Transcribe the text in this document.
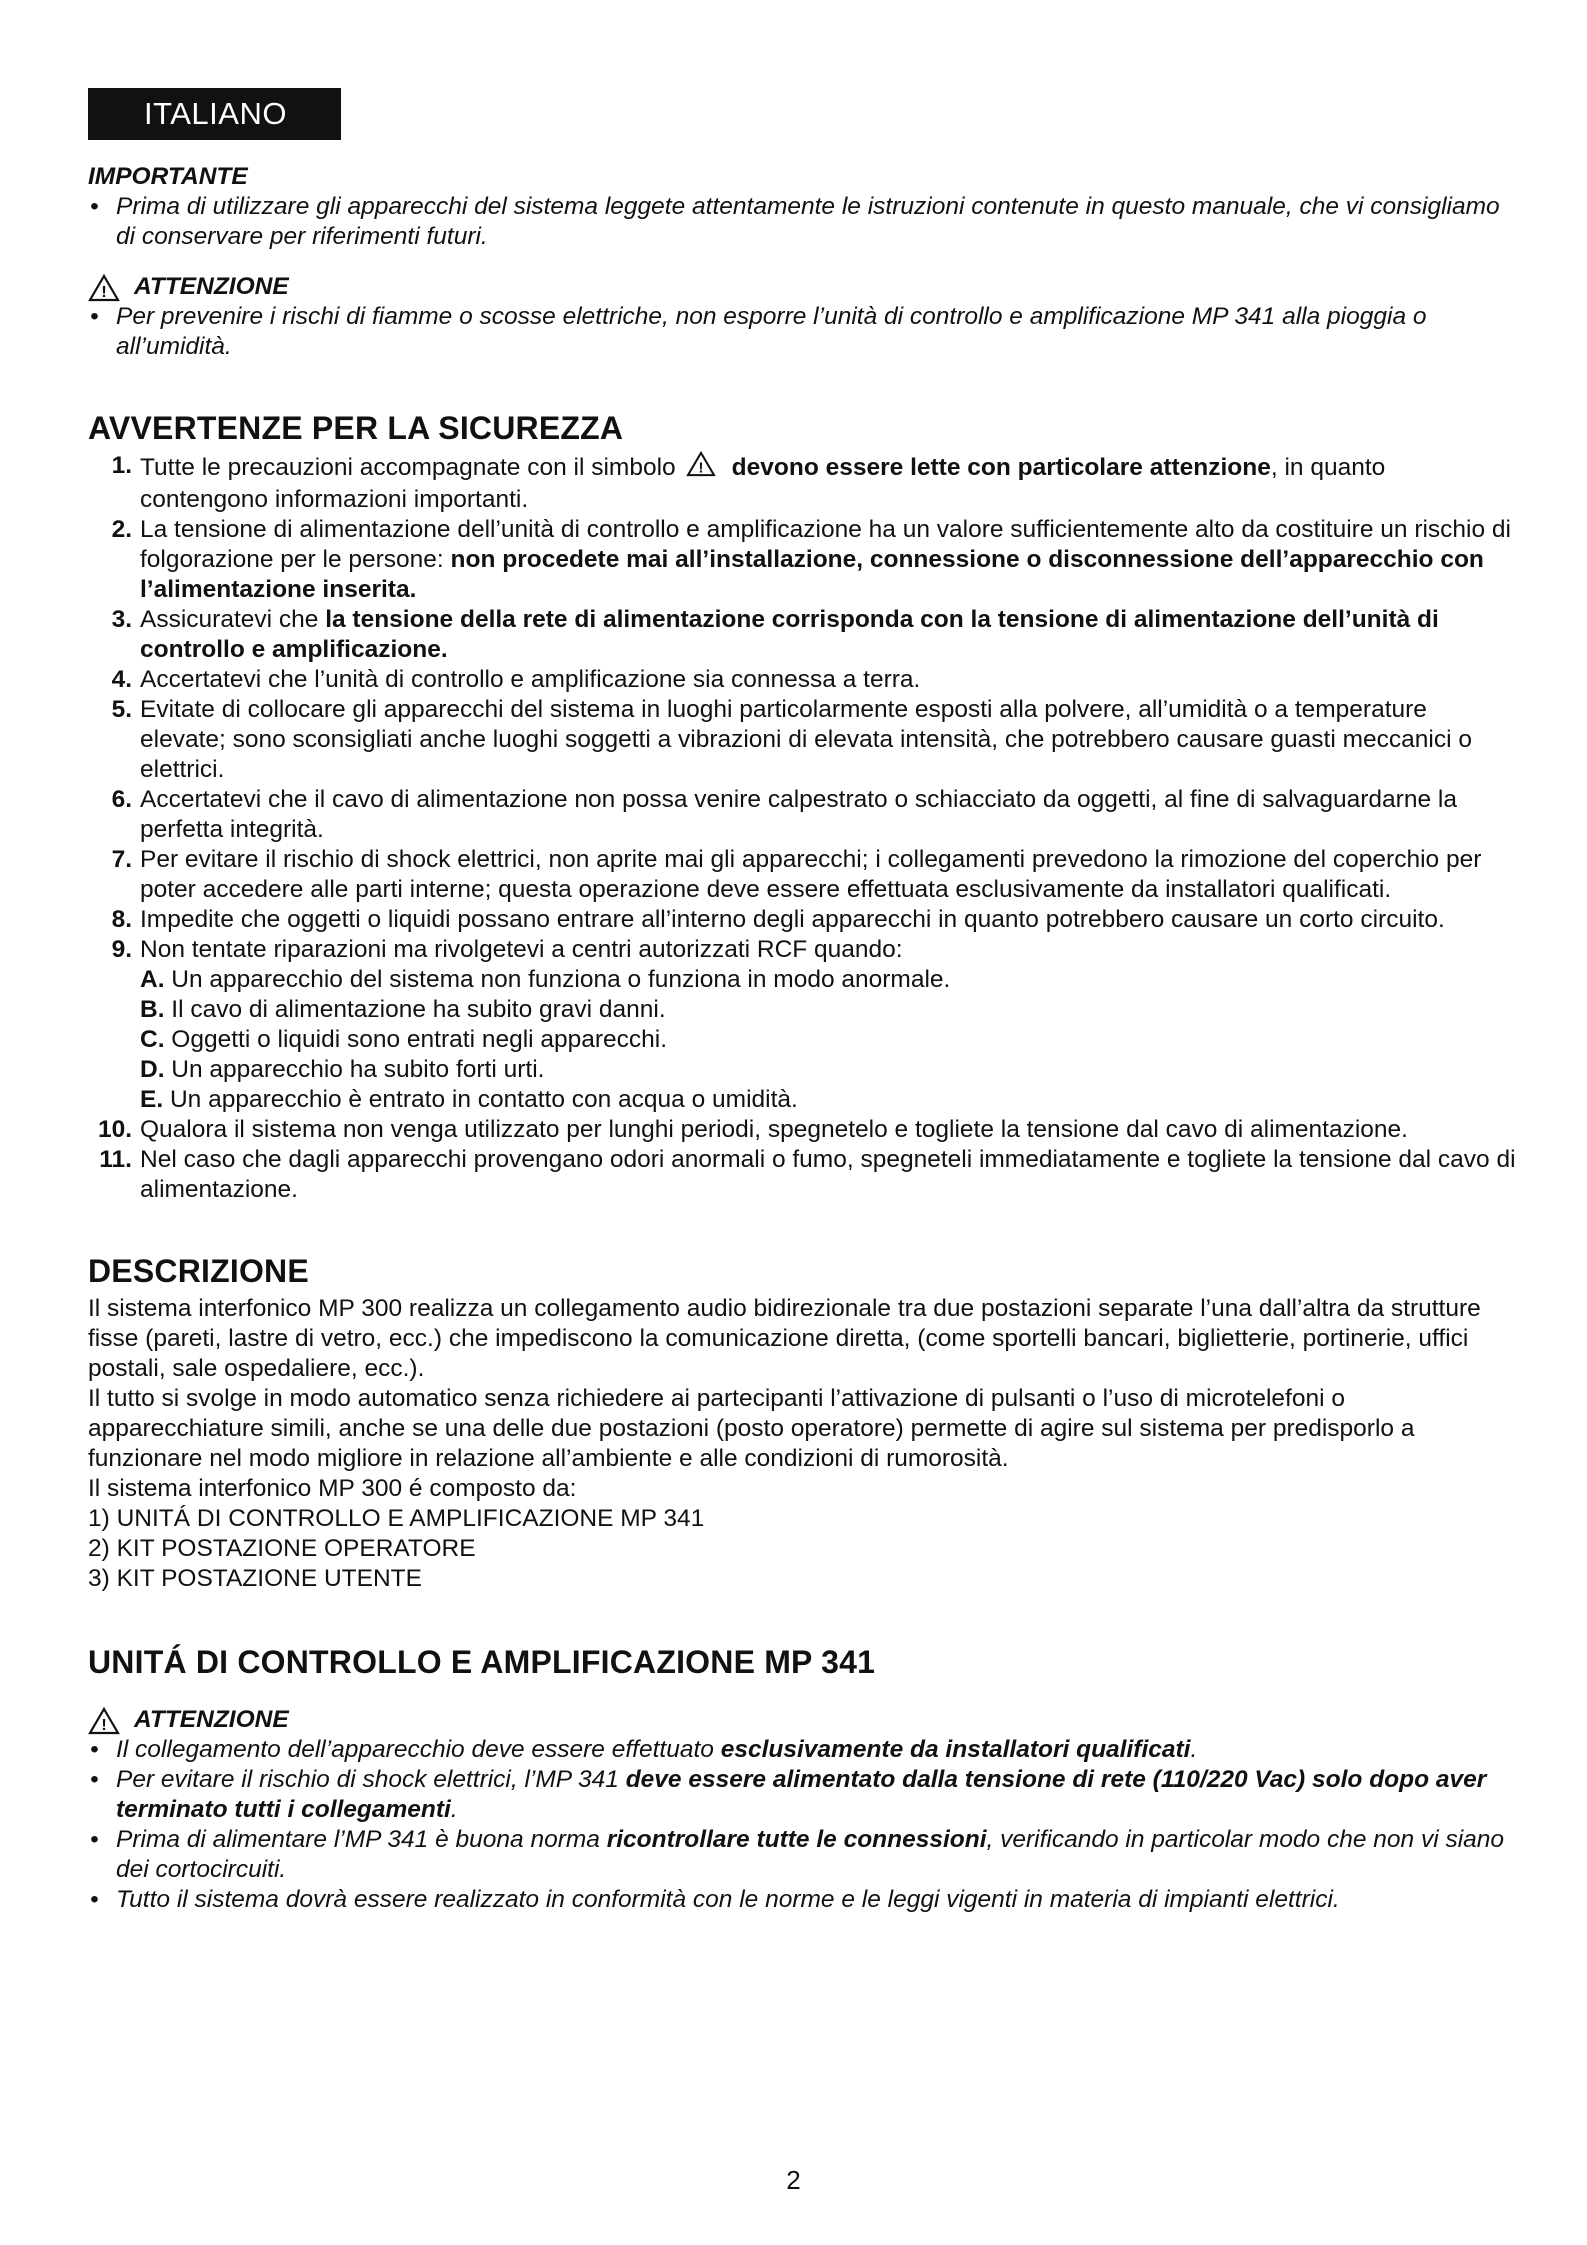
ITALIANO
IMPORTANTE
• Prima di utilizzare gli apparecchi del sistema leggete attentamente le istruzioni contenute in questo manuale, che vi consigliamo di conservare per riferimenti futuri.
! ATTENZIONE
• Per prevenire i rischi di fiamme o scosse elettriche, non esporre l’unità di controllo e amplificazione MP 341 alla pioggia o all’umidità.
AVVERTENZE PER LA SICUREZZA
1. Tutte le precauzioni accompagnate con il simbolo ! devono essere lette con particolare attenzione, in quanto contengono informazioni importanti.
2. La tensione di alimentazione dell’unità di controllo e amplificazione ha un valore sufficientemente alto da costituire un rischio di folgorazione per le persone: non procedete mai all’installazione, connessione o disconnessione dell’apparecchio con l’alimentazione inserita.
3. Assicuratevi che la tensione della rete di alimentazione corrisponda con la tensione di alimentazione dell’unità di controllo e amplificazione.
4. Accertatevi che l’unità di controllo e amplificazione sia connessa a terra.
5. Evitate di collocare gli apparecchi del sistema in luoghi particolarmente esposti alla polvere, all’umidità o a temperature elevate; sono sconsigliati anche luoghi soggetti a vibrazioni di elevata intensità, che potrebbero causare guasti meccanici o elettrici.
6. Accertatevi che il cavo di alimentazione non possa venire calpestrato o schiacciato da oggetti, al fine di salvaguardarne la perfetta integrità.
7. Per evitare il rischio di shock elettrici, non aprite mai gli apparecchi; i collegamenti prevedono la rimozione del coperchio per poter accedere alle parti interne; questa operazione deve essere effettuata esclusivamente da installatori qualificati.
8. Impedite che oggetti o liquidi possano entrare all’interno degli apparecchi in quanto potrebbero causare un corto circuito.
9. Non tentate riparazioni ma rivolgetevi a centri autorizzati RCF quando:
A. Un apparecchio del sistema non funziona o funziona in modo anormale.
B. Il cavo di alimentazione ha subito gravi danni.
C. Oggetti o liquidi sono entrati negli apparecchi.
D. Un apparecchio ha subito forti urti.
E. Un apparecchio è entrato in contatto con acqua o umidità.
10. Qualora il sistema non venga utilizzato per lunghi periodi, spegnetelo e togliete la tensione dal cavo di alimentazione.
11. Nel caso che dagli apparecchi provengano odori anormali o fumo, spegneteli immediatamente e togliete la tensione dal cavo di alimentazione.
DESCRIZIONE

Il sistema interfonico MP 300 realizza un collegamento audio bidirezionale tra due postazioni separate l’una dall’altra da strutture fisse (pareti, lastre di vetro, ecc.) che impediscono la comunicazione diretta, (come sportelli bancari, biglietterie, portinerie, uffici postali, sale ospedaliere, ecc.).

Il tutto si svolge in modo automatico senza richiedere ai partecipanti l’attivazione di pulsanti o l’uso di microtelefoni o apparecchiature simili, anche se una delle due postazioni (posto operatore) permette di agire sul sistema per predisporlo a funzionare nel modo migliore in relazione all’ambiente e alle condizioni di rumorosità.

Il sistema interfonico MP 300 é composto da:

1) UNITÁ DI CONTROLLO E AMPLIFICAZIONE MP 341

2) KIT POSTAZIONE OPERATORE

3) KIT POSTAZIONE UTENTE

UNITÁ DI CONTROLLO E AMPLIFICAZIONE MP 341
! ATTENZIONE
• Il collegamento dell’apparecchio deve essere effettuato esclusivamente da installatori qualificati.
• Per evitare il rischio di shock elettrici, l’MP 341 deve essere alimentato dalla tensione di rete (110/220 Vac) solo dopo aver terminato tutti i collegamenti.
• Prima di alimentare l’MP 341 è buona norma ricontrollare tutte le connessioni, verificando in particolar modo che non vi siano dei cortocircuiti.
• Tutto il sistema dovrà essere realizzato in conformità con le norme e le leggi vigenti in materia di impianti elettrici.
2
